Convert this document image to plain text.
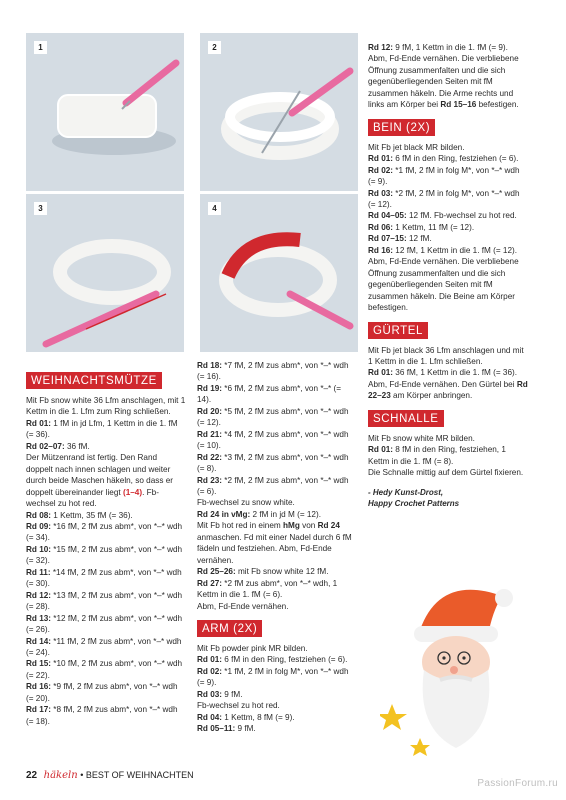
1	2
3	4
WEIHNACHTSMÜTZE

Mit Fb snow white 36 Lfm anschlagen, mit 1 Kettm in die 1. Lfm zum Ring schließen.

Rd 01: 1 fM in jd Lfm, 1 Kettm in die 1. fM (= 36).

Rd 02–07: 36 fM.

Der Mützenrand ist fertig. Den Rand doppelt nach innen schlagen und weiter durch beide Maschen häkeln, so dass er doppelt übereinander liegt (1–4). Fb-wechsel zu hot red.

Rd 08: 1 Kettm, 35 fM (= 36).

Rd 09: *16 fM, 2 fM zus abm*, von *–* wdh (= 34).

Rd 10: *15 fM, 2 fM zus abm*, von *–* wdh (= 32).

Rd 11: *14 fM, 2 fM zus abm*, von *–* wdh (= 30).

Rd 12: *13 fM, 2 fM zus abm*, von *–* wdh (= 28).

Rd 13: *12 fM, 2 fM zus abm*, von *–* wdh (= 26).

Rd 14: *11 fM, 2 fM zus abm*, von *–* wdh (= 24).

Rd 15: *10 fM, 2 fM zus abm*, von *–* wdh (= 22).

Rd 16: *9 fM, 2 fM zus abm*, von *–* wdh (= 20).

Rd 17: *8 fM, 2 fM zus abm*, von *–* wdh (= 18).

Rd 18: *7 fM, 2 fM zus abm*, von *–* wdh (= 16).

Rd 19: *6 fM, 2 fM zus abm*, von *–* (= 14).

Rd 20: *5 fM, 2 fM zus abm*, von *–* wdh (= 12).

Rd 21: *4 fM, 2 fM zus abm*, von *–* wdh (= 10).

Rd 22: *3 fM, 2 fM zus abm*, von *–* wdh (= 8).

Rd 23: *2 fM, 2 fM zus abm*, von *–* wdh (= 6).

Fb-wechsel zu snow white.

Rd 24 in vMg: 2 fM in jd M (= 12).

Mit Fb hot red in einem hMg von Rd 24 anmaschen. Fd mit einer Nadel durch 6 fM fädeln und festziehen. Abm, Fd-Ende vernähen.

Rd 25–26: mit Fb snow white 12 fM.

Rd 27: *2 fM zus abm*, von *–* wdh, 1 Kettm in die 1. fM (= 6).

Abm, Fd-Ende vernähen.

ARM (2X)

Mit Fb powder pink MR bilden.

Rd 01: 6 fM in den Ring, festziehen (= 6).

Rd 02: *1 fM, 2 fM in folg M*, von *–* wdh (= 9).

Rd 03: 9 fM.

Fb-wechsel zu hot red.

Rd 04: 1 Kettm, 8 fM (= 9).

Rd 05–11: 9 fM.

Rd 12: 9 fM, 1 Kettm in die 1. fM (= 9).

Abm, Fd-Ende vernähen. Die verbliebene Öffnung zusammenfalten und die sich gegenüberliegenden Seiten mit fM zusammen häkeln. Die Arme rechts und links am Körper bei Rd 15–16 befestigen.

BEIN (2X)

Mit Fb jet black MR bilden.

Rd 01: 6 fM in den Ring, festziehen (= 6).

Rd 02: *1 fM, 2 fM in folg M*, von *–* wdh (= 9).

Rd 03: *2 fM, 2 fM in folg M*, von *–* wdh (= 12).

Rd 04–05: 12 fM. Fb-wechsel zu hot red.

Rd 06: 1 Kettm, 11 fM (= 12).

Rd 07–15: 12 fM.

Rd 16: 12 fM, 1 Kettm in die 1. fM (= 12).

Abm, Fd-Ende vernähen. Die verbliebene Öffnung zusammenfalten und die sich gegenüberliegenden Seiten mit fM zusammen häkeln. Die Beine am Körper befestigen.

GÜRTEL

Mit Fb jet black 36 Lfm anschlagen und mit 1 Kettm in die 1. Lfm schließen.

Rd 01: 36 fM, 1 Kettm in die 1. fM (= 36).

Abm, Fd-Ende vernähen. Den Gürtel bei Rd 22–23 am Körper anbringen.

SCHNALLE

Mit Fb snow white MR bilden.

Rd 01: 8 fM in den Ring, festziehen, 1 Kettm in die 1. fM (= 8).

Die Schnalle mittig auf dem Gürtel fixieren.

- Hedy Kunst-Drost,
Happy Crochet Patterns
22 häkeln • BEST OF WEIHNACHTEN
PassionForum.ru
